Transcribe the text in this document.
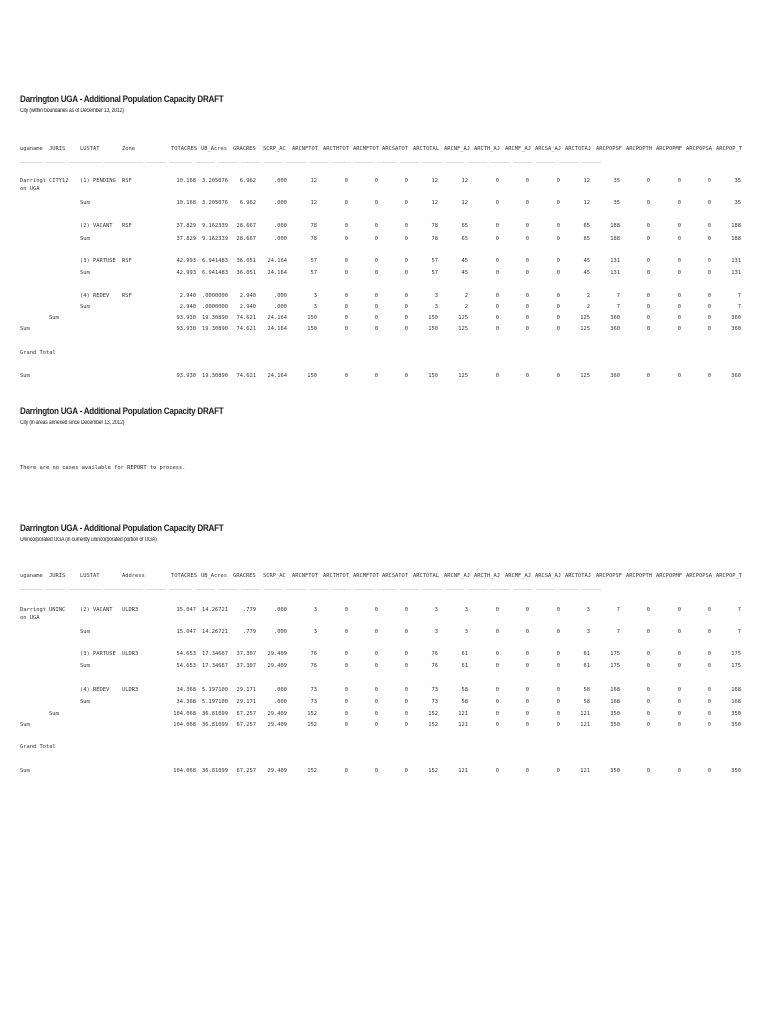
Darrington UGA - Additional Population Capacity DRAFT
City (within boundaries as of December 13, 2012)
uganame JURIS	LUSTAT	Zone	TOTACRES UB_Acres GRACRES SCRP_AC ARCNFTOT ARCTHTOT ARCMFTOT ARCSATOT ARCTOTAL ARCNF_AJ ARCTH_AJ ARCMF_AJ ARCSA_AJ ARCTOTAJ ARCPOPSF ARCPOPTH ARCPOPMF ARCPOPSA ARCPOP_T
_______ ______ __________ ____________ ______ _______ ______ ______ ______ ______ ______ ______ ______ ______ ______ ______ ______ ______ ______ ______ ______ ______ ______ ______
Darringt
on UGA
CITY12 (1) PENDING RSF	10.168	3.205076	6.962	.000	12	0	0	0	12	12	0	0	0	12	35	0	0	0	35
Sum	10.168	3.205076	6.962	.000	12	0	0	0	12	12	0	0	0	12	35	0	0	0	35
(2) VACANT RSF	37.829	9.162339	28.667	.000	78	0	0	0	78	65	0	0	0	65	188	0	0	0	188
Sum	37.829	9.162339	28.667	.000	78	0	0	0	78	65	0	0	0	65	188	0	0	0	188
(3) PARTUSE RSF	42.993	6.941483	36.051	24.164	57	0	0	0	57	45	0	0	0	45	131	0	0	0	131
Sum	42.993	6.941483	36.051	24.164	57	0	0	0	57	45	0	0	0	45	131	0	0	0	131
(4) REDEV RSF	2.940	.0000000	2.940	.000	3	0	0	0	3	2	0	0	0	2	7	0	0	0	7
Sum	2.940	.0000000	2.940	.000	3	0	0	0	3	2	0	0	0	2	7	0	0	0	7
Sum	93.930	19.30890	74.621	24.164	150	0	0	0	150	125	0	0	0	125	360	0	0	0	360
Sum	93.930	19.30890	74.621	24.164	150	0	0	0	150	125	0	0	0	125	360	0	0	0	360
Grand Total
Sum	93.930	19.30890	74.621	24.164	150	0	0	0	150	125	0	0	0	125	360	0	0	0	360
Darrington UGA - Additional Population Capacity DRAFT
City (in areas annexed since December 13, 2012)
There are no cases available for REPORT to process.
Darrington UGA - Additional Population Capacity DRAFT
Unincorporated UGA (in currently unincorporated portion of UGA)
uganame JURIS	LUSTAT	Address	TOTACRES UB_Acres GRACRES SCRP_AC ARCNFTOT ARCTHTOT ARCMFTOT ARCSATOT ARCTOTAL ARCNF_AJ ARCTH_AJ ARCMF_AJ ARCSA_AJ ARCTOTAJ ARCPOPSF ARCPOPTH ARCPOPMF ARCPOPSA ARCPOP_T
_______ ______ __________ ____________ ______ _______ ______ ______ ______ ______ ______ ______ ______ ______ ______ ______ ______ ______ ______ ______ ______ ______ ______ ______
Darringt
on UGA
UNINC	(2) VACANT ULDR3	15.047	14.26721	.779	.000	3	0	0	0	3	3	0	0	0	3	7	0	0	0	7
Sum	15.047	14.26721	.779	.000	3	0	0	0	3	3	0	0	0	3	7	0	0	0	7
(3) PARTUSE ULDR3	54.653	17.34667	37.307	29.409	76	0	0	0	76	61	0	0	0	61	175	0	0	0	175
Sum	54.653	17.34667	37.307	29.409	76	0	0	0	76	61	0	0	0	61	175	0	0	0	175
(4) REDEV ULDR3	34.368	5.197100	29.171	.000	73	0	0	0	73	58	0	0	0	58	168	0	0	0	168
Sum	34.368	5.197100	29.171	.000	73	0	0	0	73	58	0	0	0	58	168	0	0	0	168
Sum	104.068	36.81099	67.257	29.409	152	0	0	0	152	121	0	0	0	121	350	0	0	0	350
Sum	104.068	36.81099	67.257	29.409	152	0	0	0	152	121	0	0	0	121	350	0	0	0	350
Grand Total
Sum	104.068	36.81099	67.257	29.409	152	0	0	0	152	121	0	0	0	121	350	0	0	0	350
